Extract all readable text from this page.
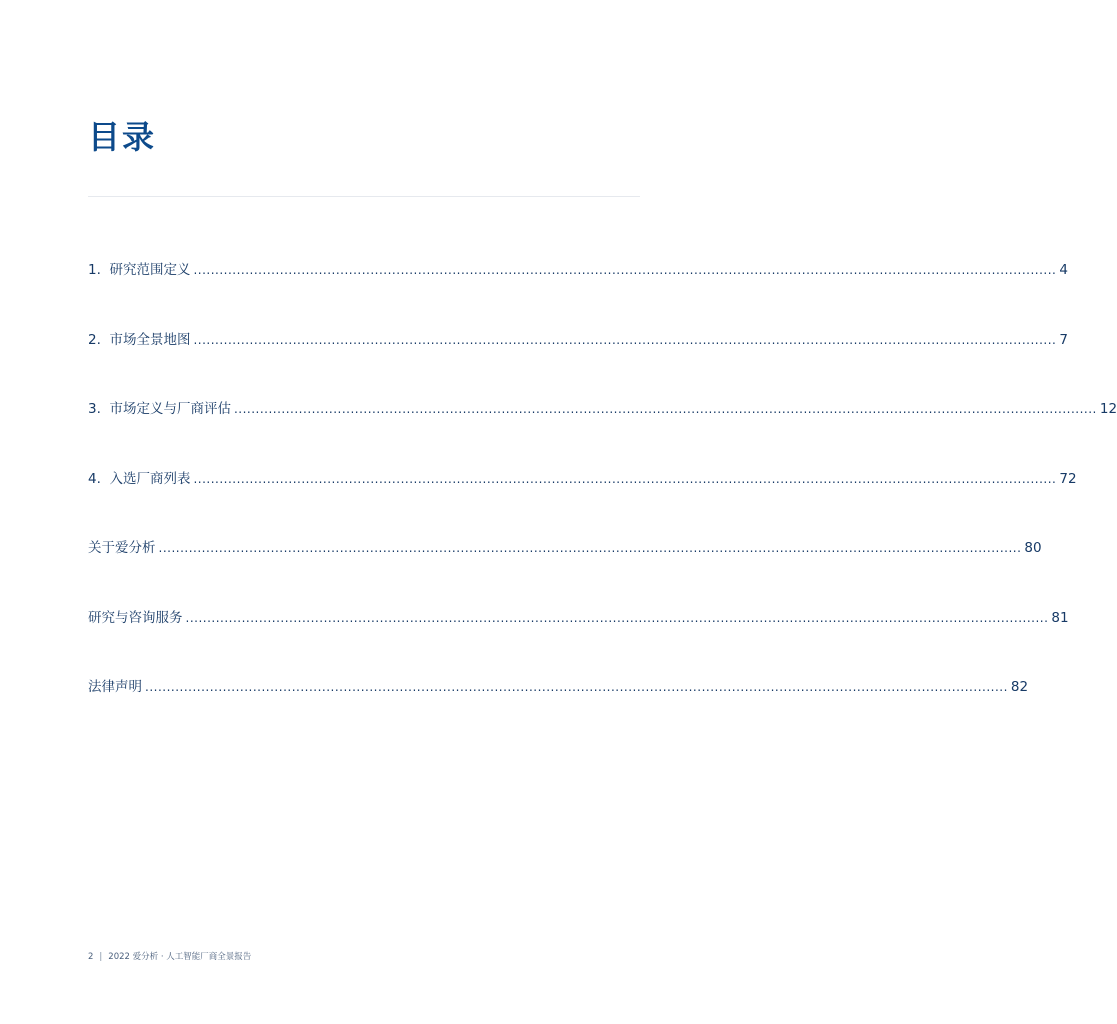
目录
1. 研究范围定义 ........................................................................................................................................................................................................ 4
2. 市场全景地图 ........................................................................................................................................................................................................ 7
3. 市场定义与厂商评估 ........................................................................................................................................................................................................ 12
4. 入选厂商列表 ........................................................................................................................................................................................................ 72
关于爱分析 ........................................................................................................................................................................................................ 80
研究与咨询服务 ........................................................................................................................................................................................................ 81
法律声明 ........................................................................................................................................................................................................ 82
2 | 2022 爱分析 · 人工智能厂商全景报告
